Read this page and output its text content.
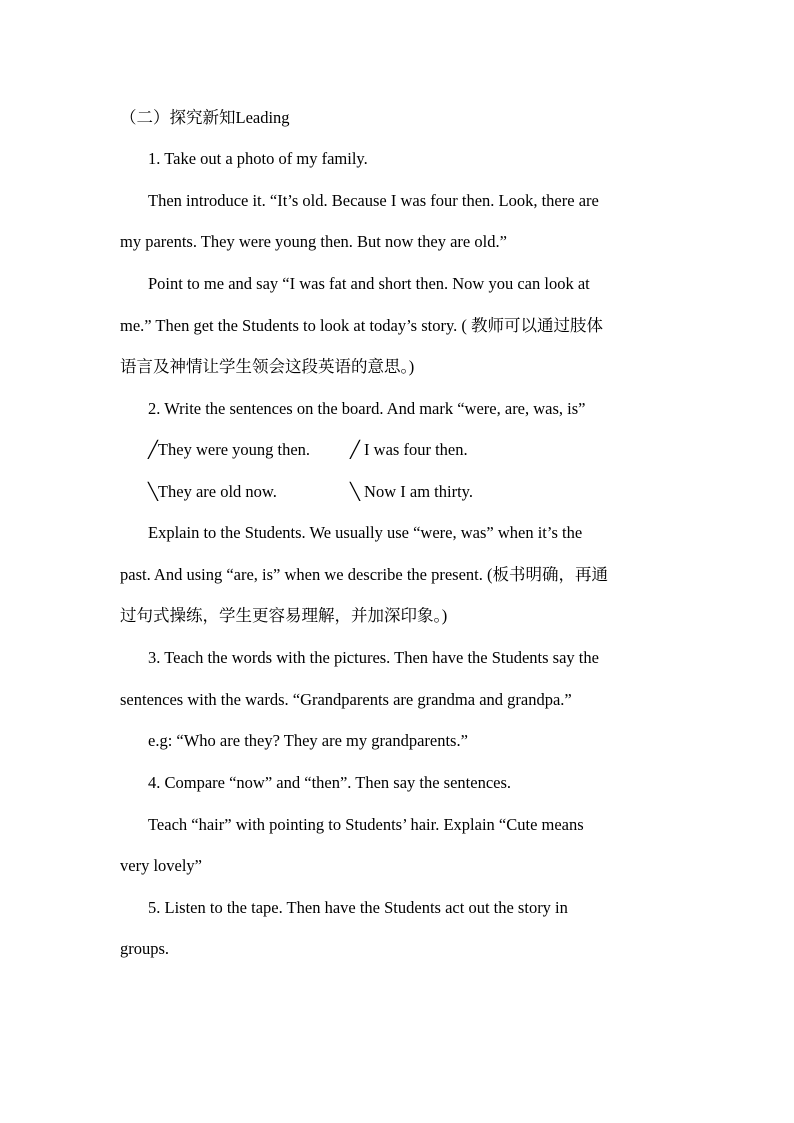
（二）探究新知Leading
1. Take out a photo of my family.
Then introduce it. “It’s old. Because I was four then. Look, there are
my parents. They were young then. But now they are old.”
Point to me and say “I was fat and short then. Now you can look at
me.” Then get the Students to look at today’s story. ( 教师可以通过肢体
语言及神情让学生领会这段英语的意思。)
2. Write the sentences on the board. And mark “were, are, was, is”
╱They were young then. ╱ I was four then.
╲They are old now.	╲ Now I am thirty.
Explain to the Students. We usually use “were, was” when it’s the
past. And using “are, is” when we describe the present. (板书明确，再通
过句式操练，学生更容易理解，并加深印象。)
3. Teach the words with the pictures. Then have the Students say the
sentences with the wards. “Grandparents are grandma and grandpa.”
e.g: “Who are they? They are my grandparents.”
4. Compare “now” and “then”. Then say the sentences.
Teach “hair” with pointing to Students’ hair. Explain “Cute means
very lovely”
5. Listen to the tape. Then have the Students act out the story in
groups.
